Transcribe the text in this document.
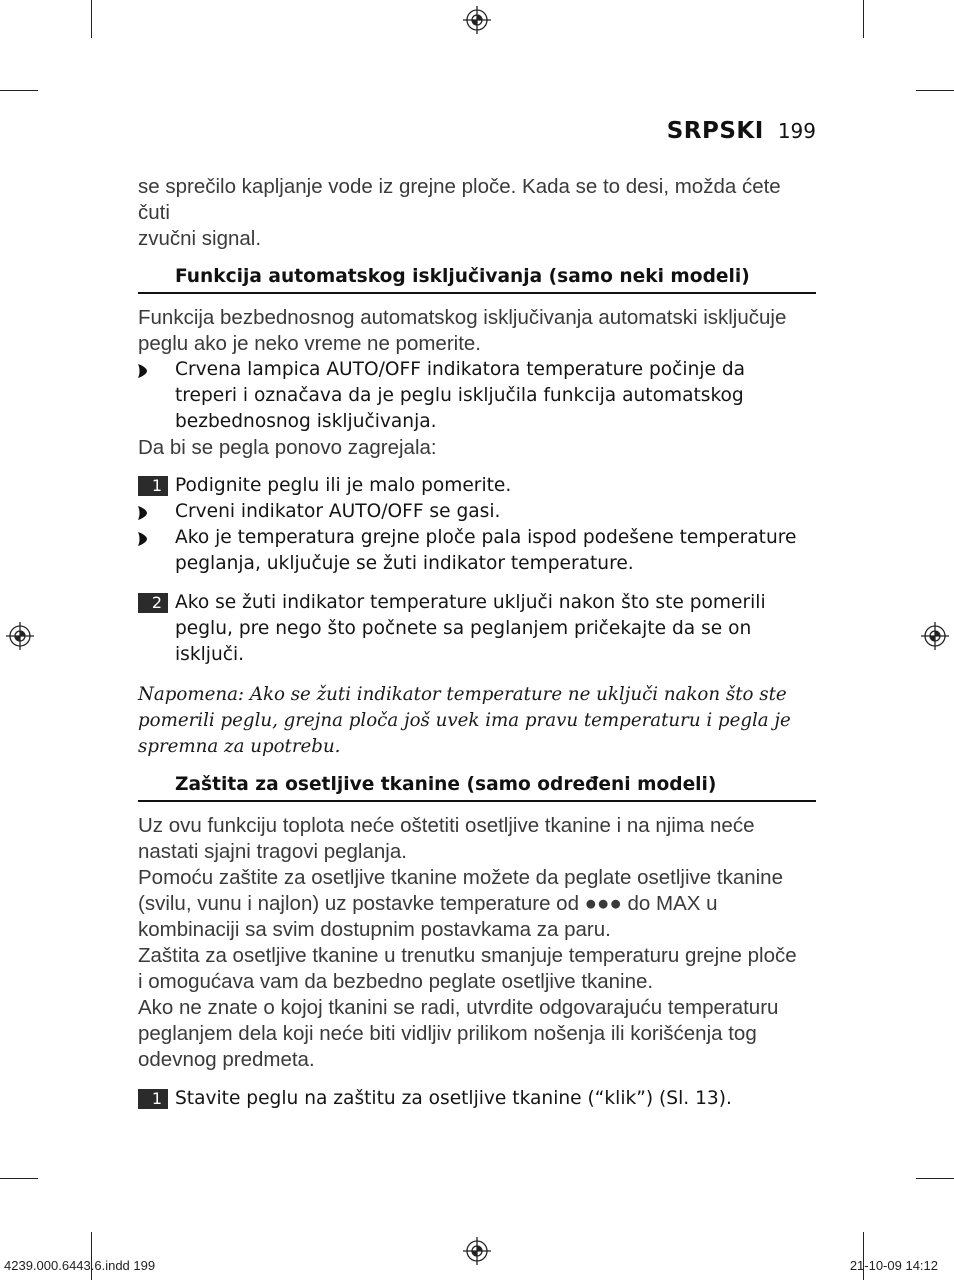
SRPSKI 199

se sprečilo kapljanje vode iz grejne ploče. Kada se to desi, možda ćete čuti
zvučni signal.

Funkcija automatskog isključivanja (samo neki modeli)

Funkcija bezbednosnog automatskog isključivanja automatski isključuje
peglu ako je neko vreme ne pomerite.

Crvena lampica AUTO/OFF indikatora temperature počinje da
treperi i označava da je peglu isključila funkcija automatskog
bezbednosnog isključivanja.

Da bi se pegla ponovo zagrejala:

1 Podignite peglu ili je malo pomerite.
Crveni indikator AUTO/OFF se gasi.
Ako je temperatura grejne ploče pala ispod podešene temperature
peglanja, uključuje se žuti indikator temperature.
2 Ako se žuti indikator temperature uključi nakon što ste pomerili
peglu, pre nego što počnete sa peglanjem pričekajte da se on
isključi.

Napomena: Ako se žuti indikator temperature ne uključi nakon što ste
pomerili peglu, grejna ploča još uvek ima pravu temperaturu i pegla je
spremna za upotrebu.

Zaštita za osetljive tkanine (samo određeni modeli)

Uz ovu funkciju toplota neće oštetiti osetljive tkanine i na njima neće
nastati sjajni tragovi peglanja.
Pomoću zaštite za osetljive tkanine možete da peglate osetljive tkanine
(svilu, vunu i najlon) uz postavke temperature od ●●● do MAX u
kombinaciji sa svim dostupnim postavkama za paru.
Zaštita za osetljive tkanine u trenutku smanjuje temperaturu grejne ploče
i omogućava vam da bezbedno peglate osetljive tkanine.
Ako ne znate o kojoj tkanini se radi, utvrdite odgovarajuću temperaturu
peglanjem dela koji neće biti vidljiv prilikom nošenja ili korišćenja tog
odevnog predmeta.

1 Stavite peglu na zaštitu za osetljive tkanine (“klik”) (Sl. 13).
4239.000.6443.6.indd 199	21-10-09 14:12
